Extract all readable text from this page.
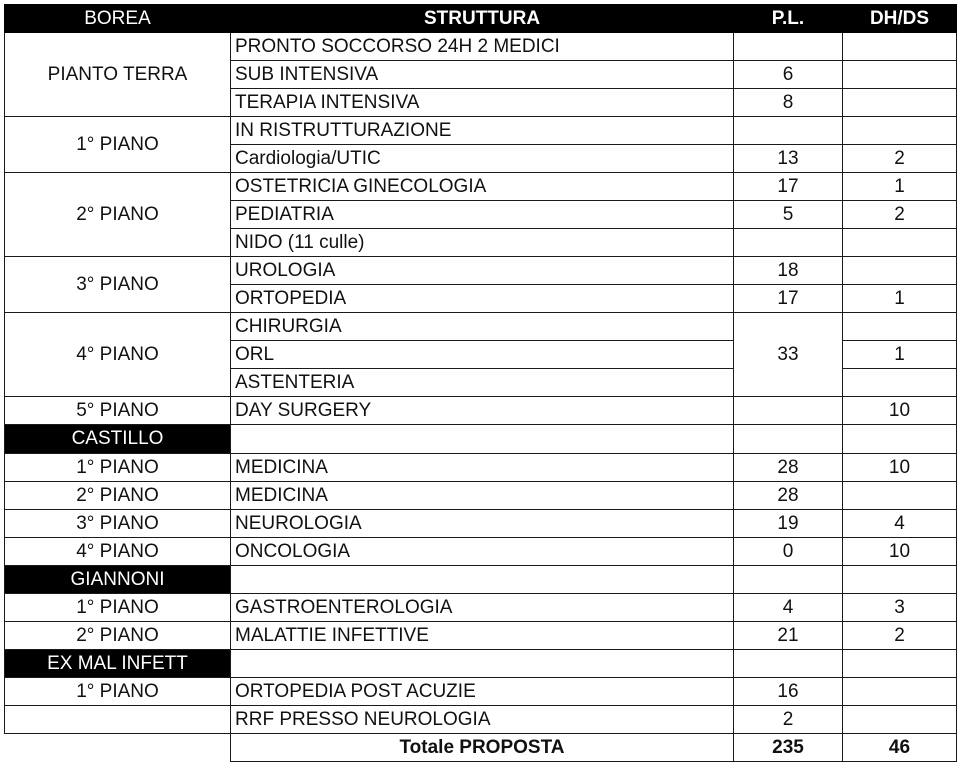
BOREA	STRUTTURA	P.L.	DH/DS
PIANTO TERRA	PRONTO SOCCORSO 24H 2 MEDICI		
	SUB INTENSIVA	6	
	TERAPIA INTENSIVA	8	
1° PIANO	IN RISTRUTTURAZIONE		
	Cardiologia/UTIC	13	2
2° PIANO	OSTETRICIA GINECOLOGIA	17	1
	PEDIATRIA	5	2
	NIDO (11 culle)		
3° PIANO	UROLOGIA	18	
	ORTOPEDIA	17	1
4° PIANO	CHIRURGIA	33	
	ORL		1
	ASTENTERIA		
5° PIANO	DAY SURGERY		10
CASTILLO			
1° PIANO	MEDICINA	28	10
2° PIANO	MEDICINA	28	
3° PIANO	NEUROLOGIA	19	4
4° PIANO	ONCOLOGIA	0	10
GIANNONI			
1° PIANO	GASTROENTEROLOGIA	4	3
2° PIANO	MALATTIE INFETTIVE	21	2
EX MAL INFETT			
1° PIANO	ORTOPEDIA POST ACUZIE	16	
	RRF PRESSO NEUROLOGIA	2	
	Totale PROPOSTA	235	46
